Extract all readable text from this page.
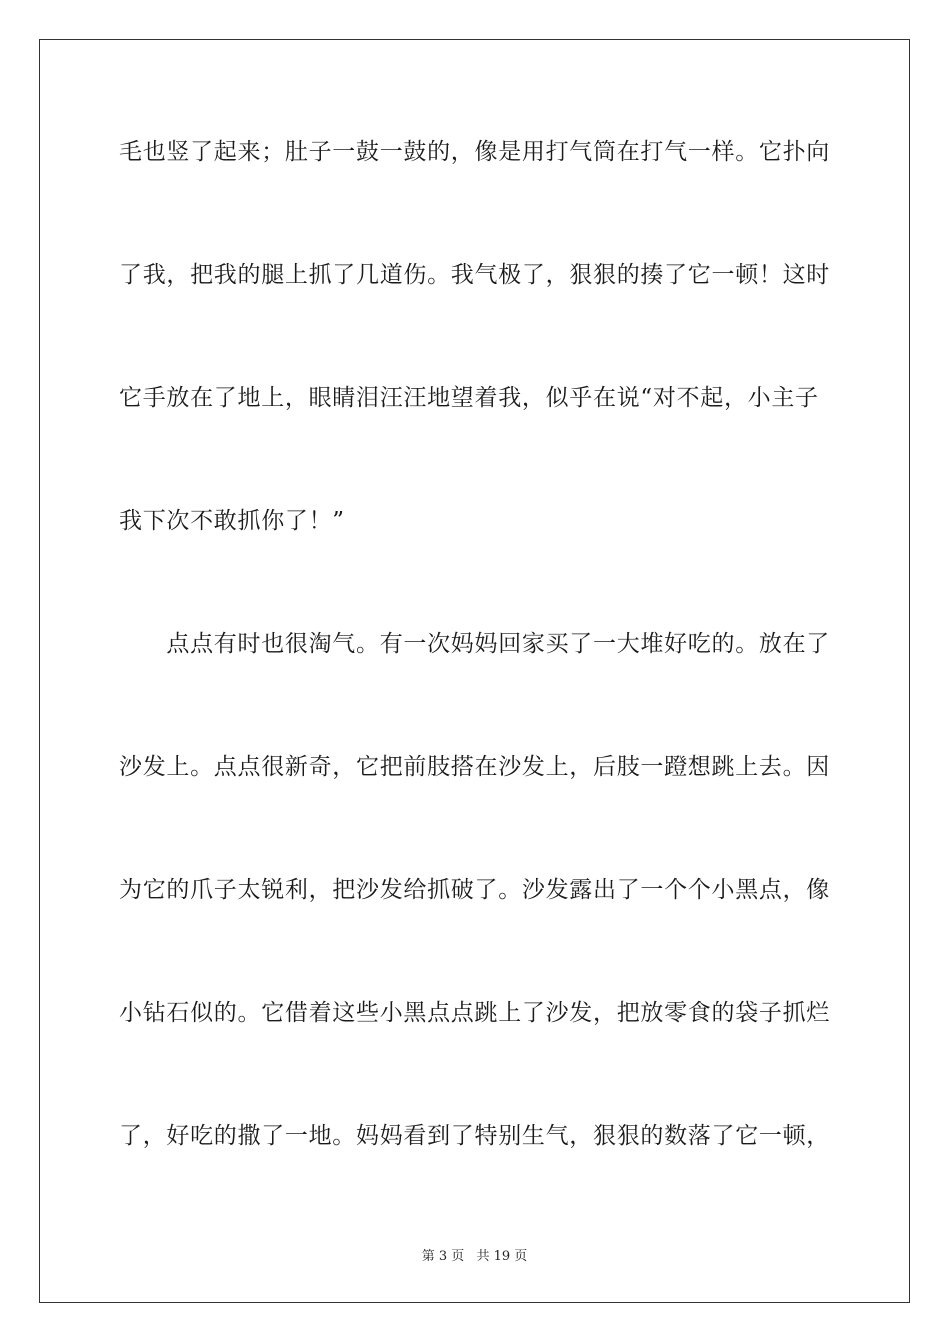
毛也竖了起来；肚子一鼓一鼓的，像是用打气筒在打气一样。它扑向
了我，把我的腿上抓了几道伤。我气极了，狠狠的揍了它一顿！这时
它手放在了地上，眼睛泪汪汪地望着我，似乎在说“对不起，小主子
我下次不敢抓你了！”
　　点点有时也很淘气。有一次妈妈回家买了一大堆好吃的。放在了
沙发上。点点很新奇，它把前肢搭在沙发上，后肢一蹬想跳上去。因
为它的爪子太锐利，把沙发给抓破了。沙发露出了一个个小黑点，像
小钻石似的。它借着这些小黑点点跳上了沙发，把放零食的袋子抓烂
了，好吃的撒了一地。妈妈看到了特别生气，狠狠的数落了它一顿，
第 3 页 共 19 页
